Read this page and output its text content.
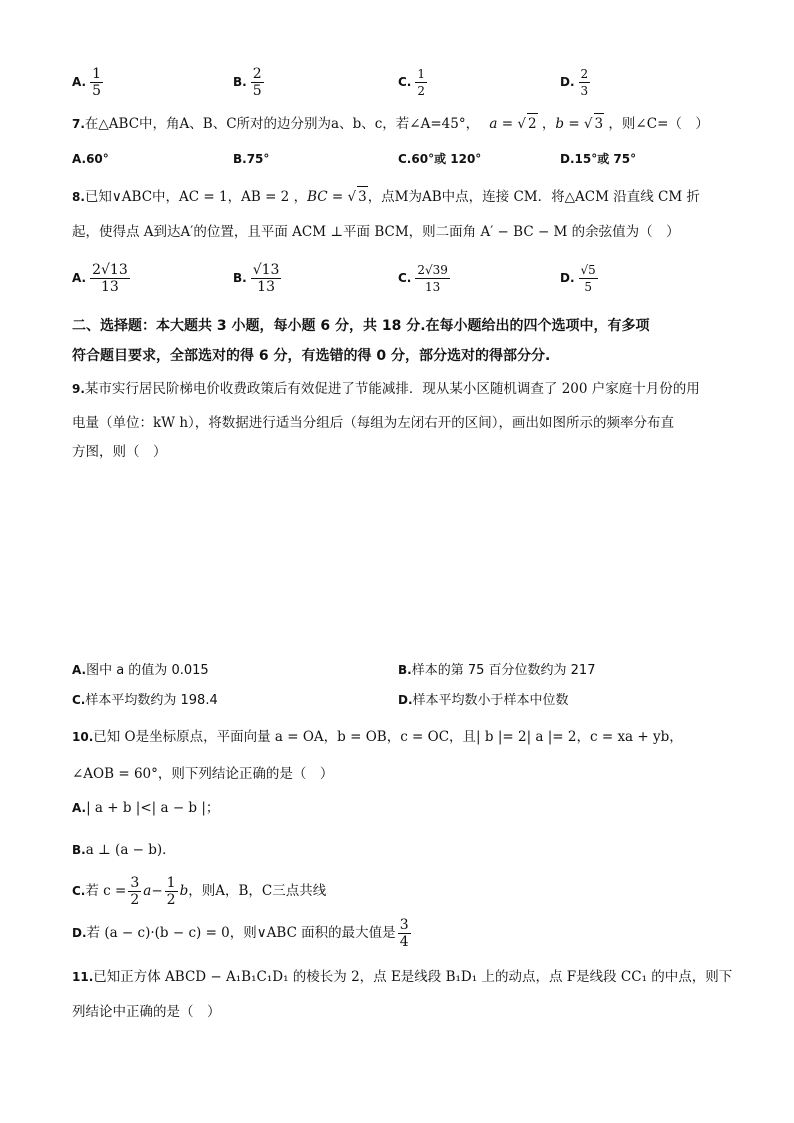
A. $\frac{1}{5}$	B. $\frac{2}{5}$	C. $\frac{1}{2}$	D. $\frac{2}{3}$
7.在△ABC中，角A、B、C所对的边分别为a、b、c，若∠A=45°， a = √ 2 ，b = √ 3 ，则∠C=（　）
A.60°	B.75°	C.60°或 120°	D.15°或 75°
8.已知∨ABC中，AC = 1，AB = 2 ，BC = √ 3，点M为AB中点，连接 CM．将△ACM 沿直线 CM 折
起，使得点 A到达A′的位置，且平面 ACM ⊥平面 BCM，则二面角 A′ − BC − M 的余弦值为（　）
A. $\frac{2√13}{13}$	B. $\frac{√13}{13}$	C. $\frac{2√39}{13}$	D. $\frac{√5}{5}$
二、选择题：本大题共 3 小题，每小题 6 分，共 18 分.在每小题给出的四个选项中，有多项
符合题目要求，全部选对的得 6 分，有选错的得 0 分，部分选对的得部分分.
9.某市实行居民阶梯电价收费政策后有效促进了节能减排．现从某小区随机调查了 200 户家庭十月份的用
电量（单位：kW h），将数据进行适当分组后（每组为左闭右开的区间），画出如图所示的频率分布直
方图，则（　）
A.图中 a 的值为 0.015	B.样本的第 75 百分位数约为 217
C.样本平均数约为 198.4	D.样本平均数小于样本中位数
10.已知 O是坐标原点，平面向量 a = OA，b = OB，c = OC，且| b |= 2| a |= 2，c = xa + yb，
∠AOB = 60°，则下列结论正确的是（　）
A.| a + b |<| a − b |；
B.a ⊥ (a − b)．
C. 若 $c = \frac{3}{2}$ $a - \frac{1}{2}$ b ，则A，B，C三点共线
D. 若 (a − c)·(b − c) = 0，则∨ABC 面积的最大值是 $\frac{3}{4}$
11.已知正方体 ABCD − A₁B₁C₁D₁ 的棱长为 2，点 E是线段 B₁D₁ 上的动点，点 F是线段 CC₁ 的中点，则下
列结论中正确的是（　）
